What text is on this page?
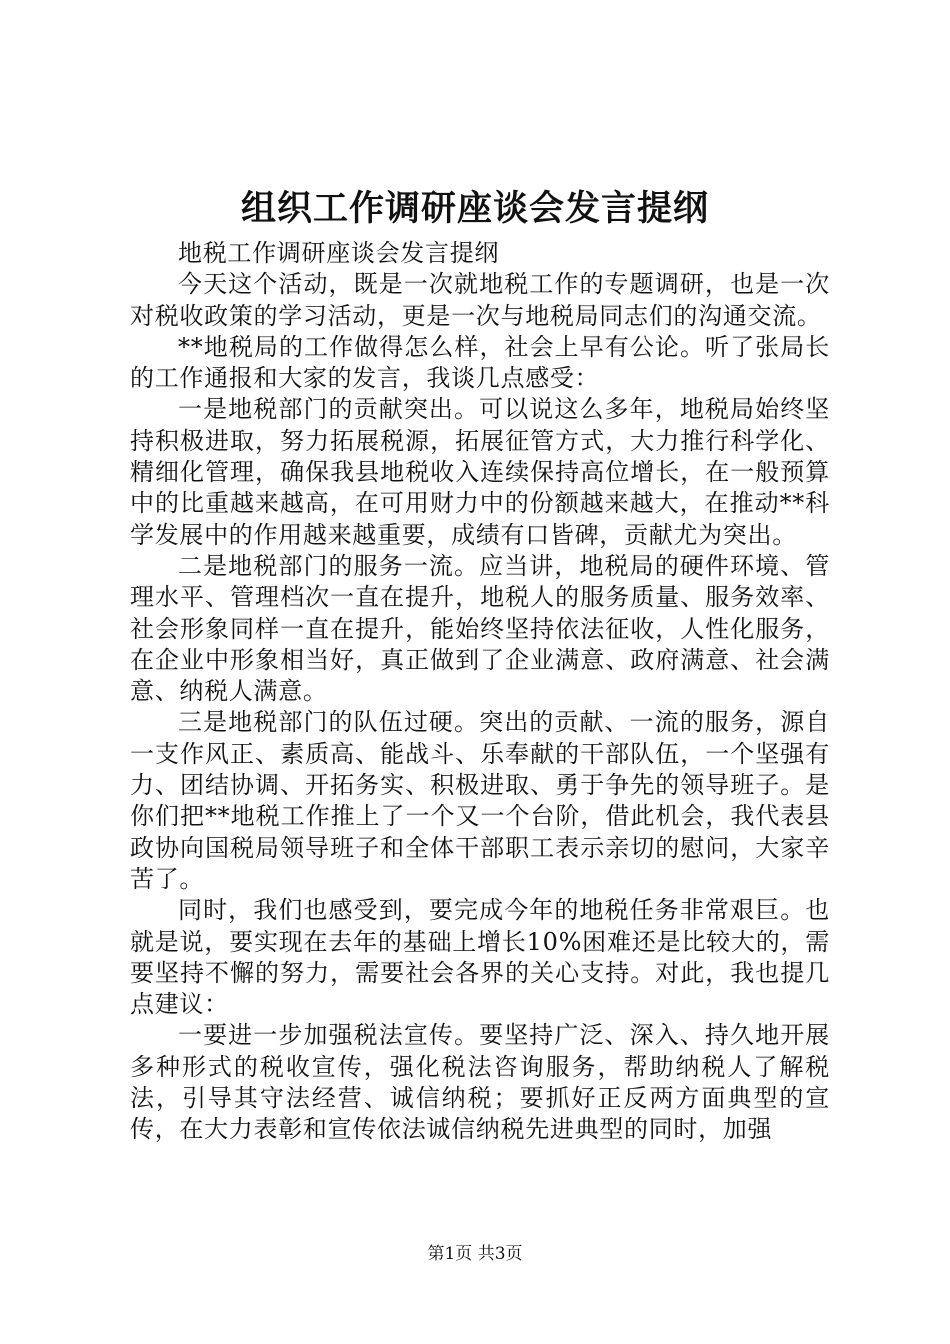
组织工作调研座谈会发言提纲

地税工作调研座谈会发言提纲

今天这个活动，既是一次就地税工作的专题调研，也是一次对税收政策的学习活动，更是一次与地税局同志们的沟通交流。

**地税局的工作做得怎么样，社会上早有公论。听了张局长的工作通报和大家的发言，我谈几点感受：

一是地税部门的贡献突出。可以说这么多年，地税局始终坚持积极进取，努力拓展税源，拓展征管方式，大力推行科学化、精细化管理，确保我县地税收入连续保持高位增长，在一般预算中的比重越来越高，在可用财力中的份额越来越大，在推动**科学发展中的作用越来越重要，成绩有口皆碑，贡献尤为突出。

二是地税部门的服务一流。应当讲，地税局的硬件环境、管理水平、管理档次一直在提升，地税人的服务质量、服务效率、社会形象同样一直在提升，能始终坚持依法征收，人性化服务，在企业中形象相当好，真正做到了企业满意、政府满意、社会满意、纳税人满意。

三是地税部门的队伍过硬。突出的贡献、一流的服务，源自一支作风正、素质高、能战斗、乐奉献的干部队伍，一个坚强有力、团结协调、开拓务实、积极进取、勇于争先的领导班子。是你们把**地税工作推上了一个又一个台阶，借此机会，我代表县政协向国税局领导班子和全体干部职工表示亲切的慰问，大家辛苦了。

同时，我们也感受到，要完成今年的地税任务非常艰巨。也就是说，要实现在去年的基础上增长10%困难还是比较大的，需要坚持不懈的努力，需要社会各界的关心支持。对此，我也提几点建议：

一要进一步加强税法宣传。要坚持广泛、深入、持久地开展多种形式的税收宣传，强化税法咨询服务，帮助纳税人了解税法，引导其守法经营、诚信纳税；要抓好正反两方面典型的宣传，在大力表彰和宣传依法诚信纳税先进典型的同时，加强

第1页 共3页
